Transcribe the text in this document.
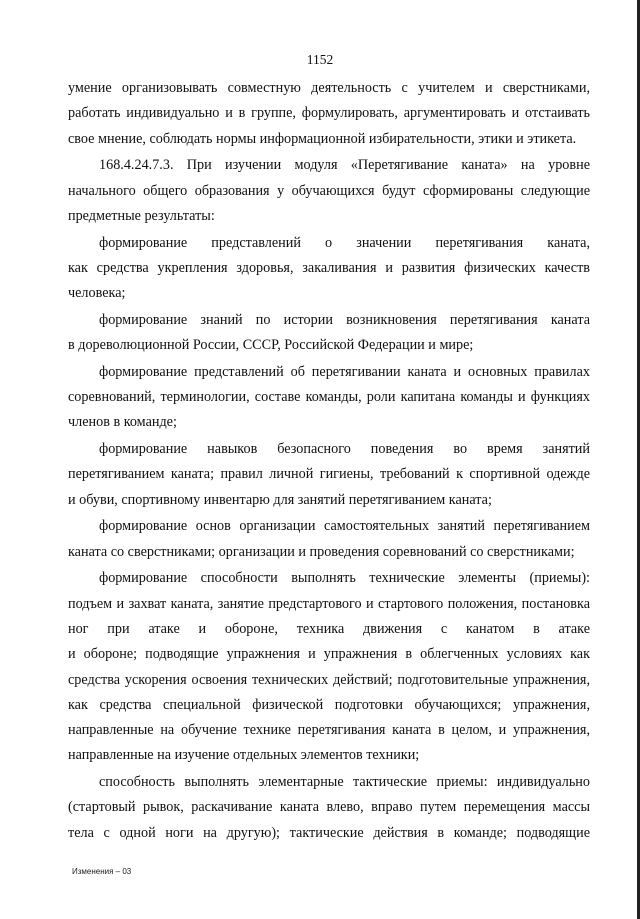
1152
умение организовывать совместную деятельность с учителем и сверстниками,
работать индивидуально и в группе, формулировать, аргументировать и отстаивать
свое мнение, соблюдать нормы информационной избирательности, этики и этикета.
168.4.24.7.3. При изучении модуля «Перетягивание каната» на уровне
начального общего образования у обучающихся будут сформированы следующие
предметные результаты:
формирование представлений о значении перетягивания каната,
как средства укрепления здоровья, закаливания и развития физических качеств
человека;
формирование знаний по истории возникновения перетягивания каната
в дореволюционной России, СССР, Российской Федерации и мире;
формирование представлений об перетягивании каната и основных правилах
соревнований, терминологии, составе команды, роли капитана команды и функциях
членов в команде;
формирование навыков безопасного поведения во время занятий
перетягиванием каната; правил личной гигиены, требований к спортивной одежде
и обуви, спортивному инвентарю для занятий перетягиванием каната;
формирование основ организации самостоятельных занятий перетягиванием
каната со сверстниками; организации и проведения соревнований со сверстниками;
формирование способности выполнять технические элементы (приемы):
подъем и захват каната, занятие предстартового и стартового положения, постановка
ног при атаке и обороне, техника движения с канатом в атаке
и обороне; подводящие упражнения и упражнения в облегченных условиях как
средства ускорения освоения технических действий; подготовительные упражнения,
как средства специальной физической подготовки обучающихся; упражнения,
направленные на обучение технике перетягивания каната в целом, и упражнения,
направленные на изучение отдельных элементов техники;
способность выполнять элементарные тактические приемы: индивидуально
(стартовый рывок, раскачивание каната влево, вправо путем перемещения массы
тела с одной ноги на другую); тактические действия в команде; подводящие
Изменения – 03
